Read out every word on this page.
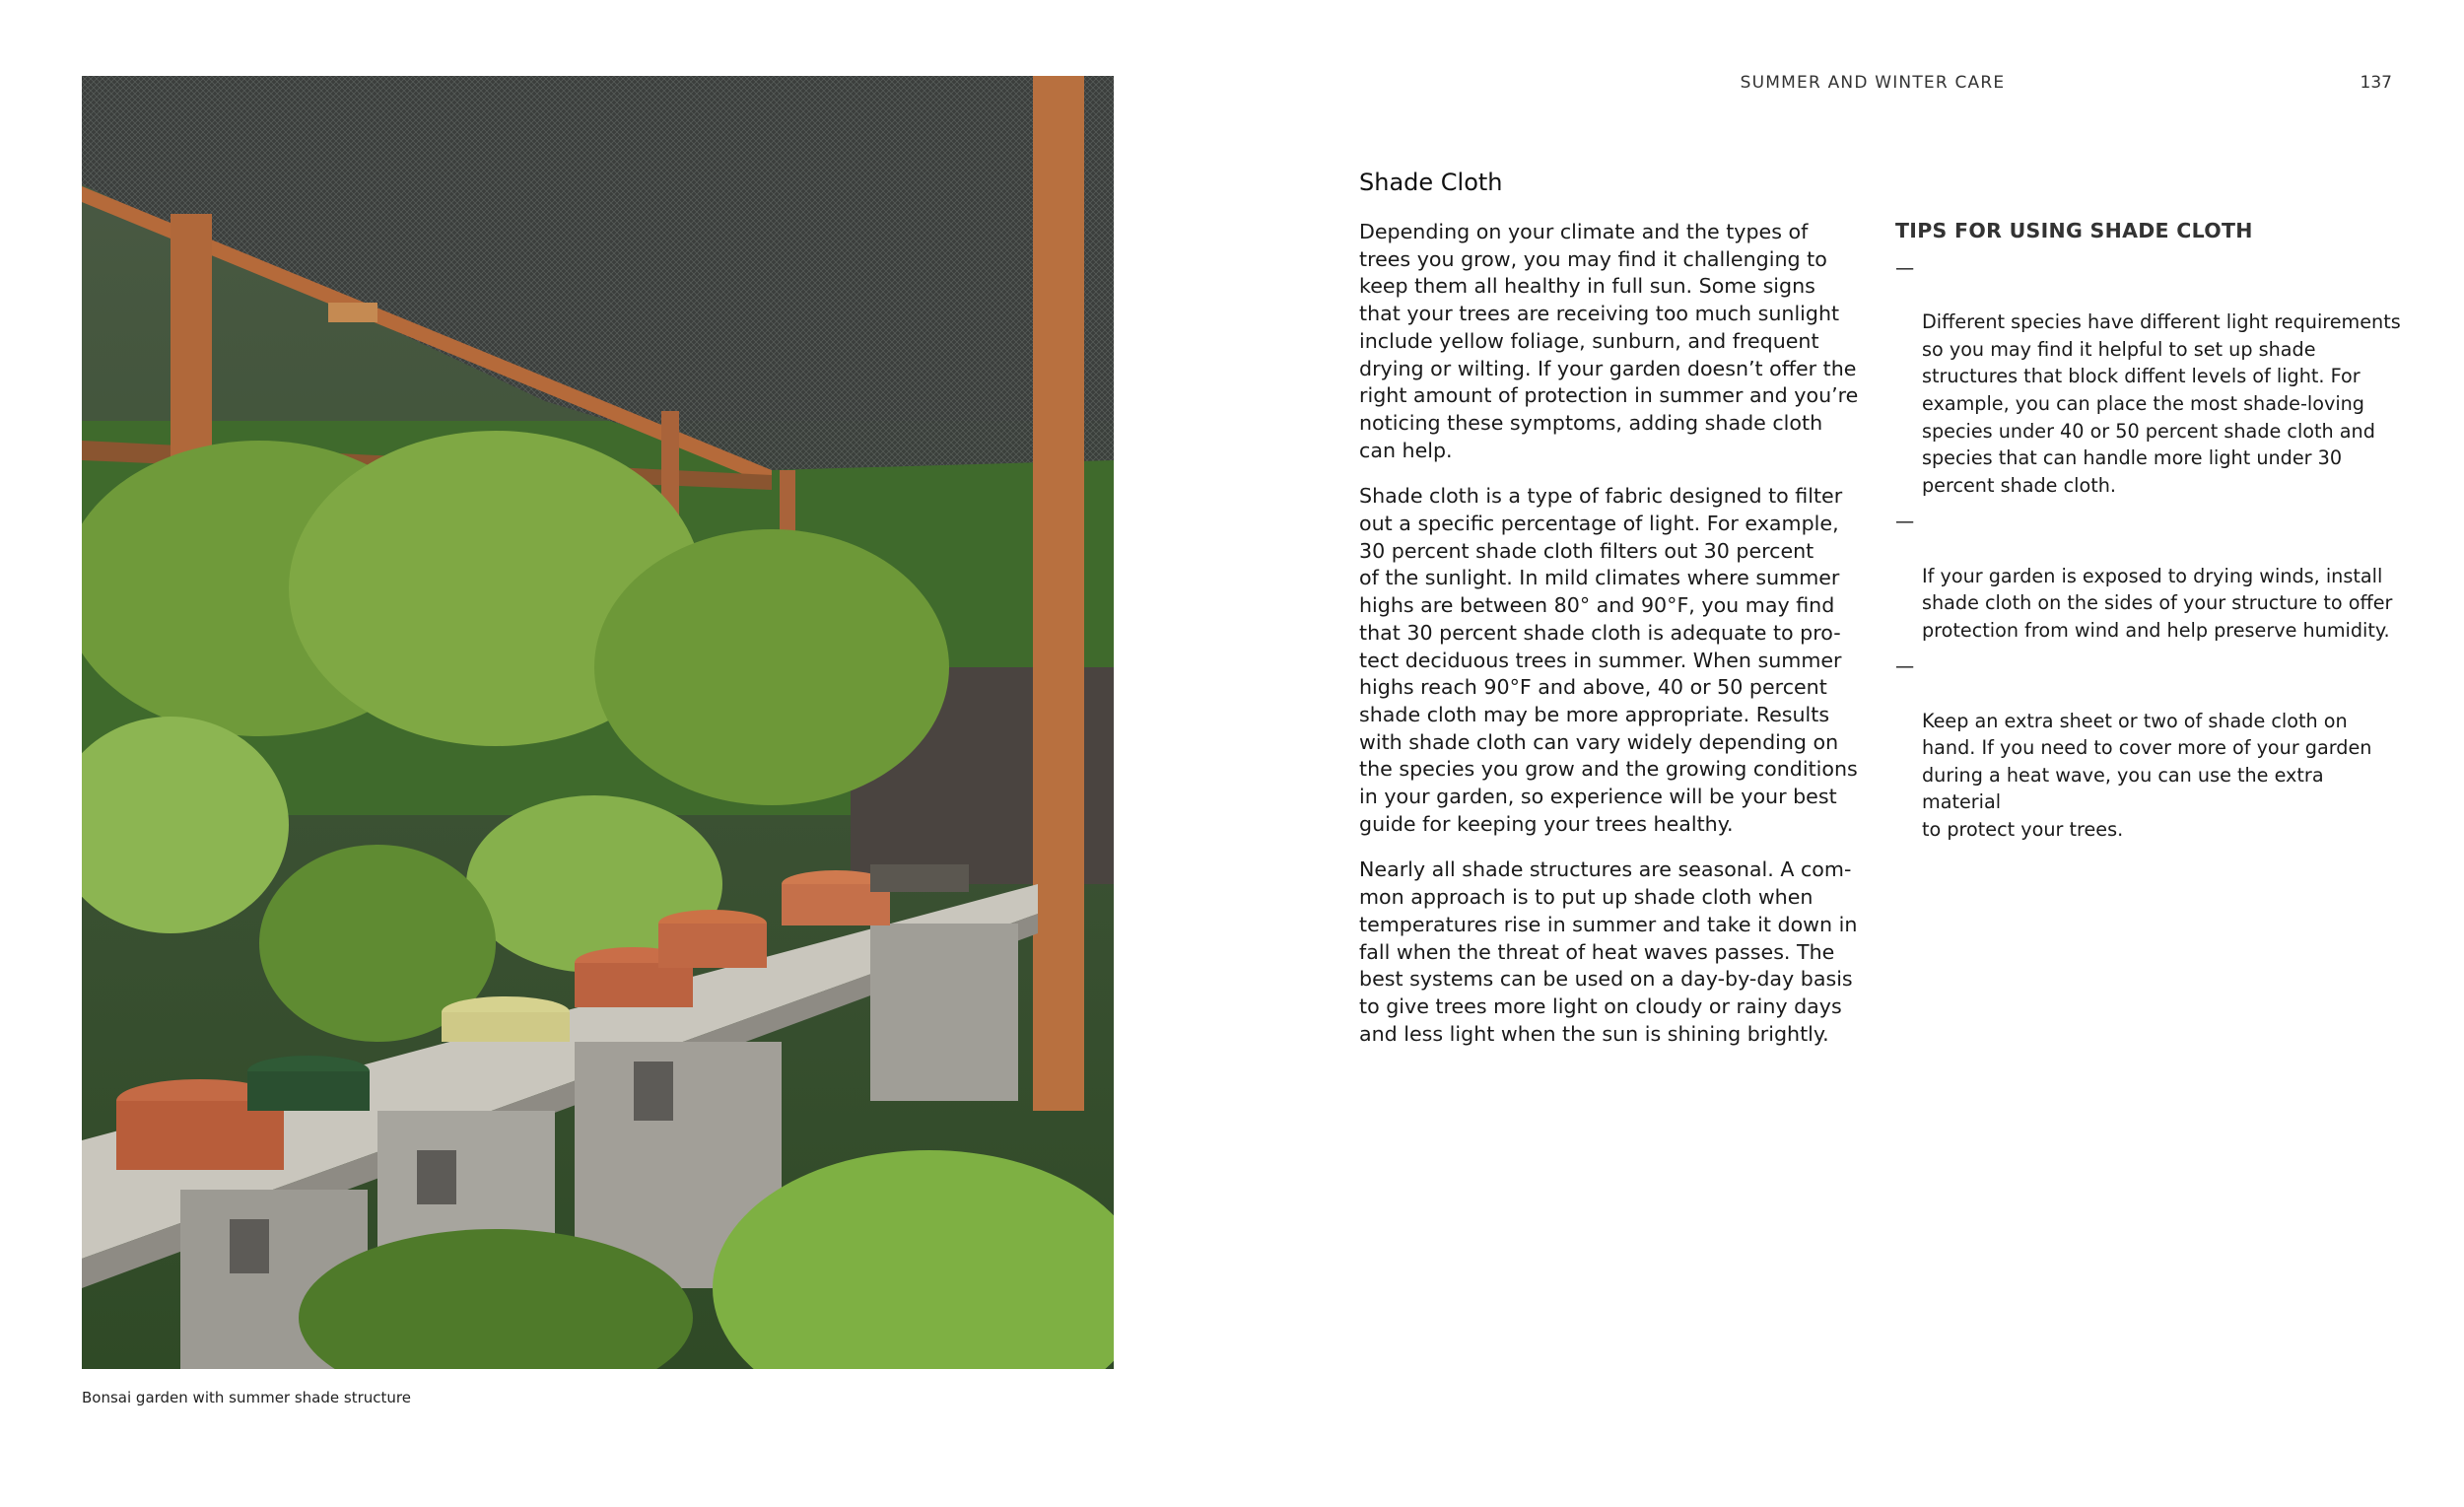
Bonsai garden with summer shade structure
SUMMER AND WINTER CARE	137
Shade Cloth

Depending on your climate and the types of
trees you grow, you may find it challenging to
keep them all healthy in full sun. Some signs
that your trees are receiving too much sunlight
include yellow foliage, sunburn, and frequent
drying or wilting. If your garden doesn’t offer the
right amount of protection in summer and you’re
noticing these symptoms, adding shade cloth
can help.

Shade cloth is a type of fabric designed to filter
out a specific percentage of light. For example,
30 percent shade cloth filters out 30 percent
of the sunlight. In mild climates where summer
highs are between 80° and 90°F, you may find
that 30 percent shade cloth is adequate to pro-
tect deciduous trees in summer. When summer
highs reach 90°F and above, 40 or 50 percent
shade cloth may be more appropriate. Results
with shade cloth can vary widely depending on
the species you grow and the growing conditions
in your garden, so experience will be your best
guide for keeping your trees healthy.

Nearly all shade structures are seasonal. A com-
mon approach is to put up shade cloth when
temperatures rise in summer and take it down in
fall when the threat of heat waves passes. The
best systems can be used on a day-by-day basis
to give trees more light on cloudy or rainy days
and less light when the sun is shining brightly.

TIPS FOR USING SHADE CLOTH

—

Different species have different light requirements
so you may find it helpful to set up shade
structures that block diffent levels of light. For
example, you can place the most shade-loving
species under 40 or 50 percent shade cloth and
species that can handle more light under 30
percent shade cloth.

—

If your garden is exposed to drying winds, install
shade cloth on the sides of your structure to offer
protection from wind and help preserve humidity.

—

Keep an extra sheet or two of shade cloth on
hand. If you need to cover more of your garden
during a heat wave, you can use the extra material
to protect your trees.
